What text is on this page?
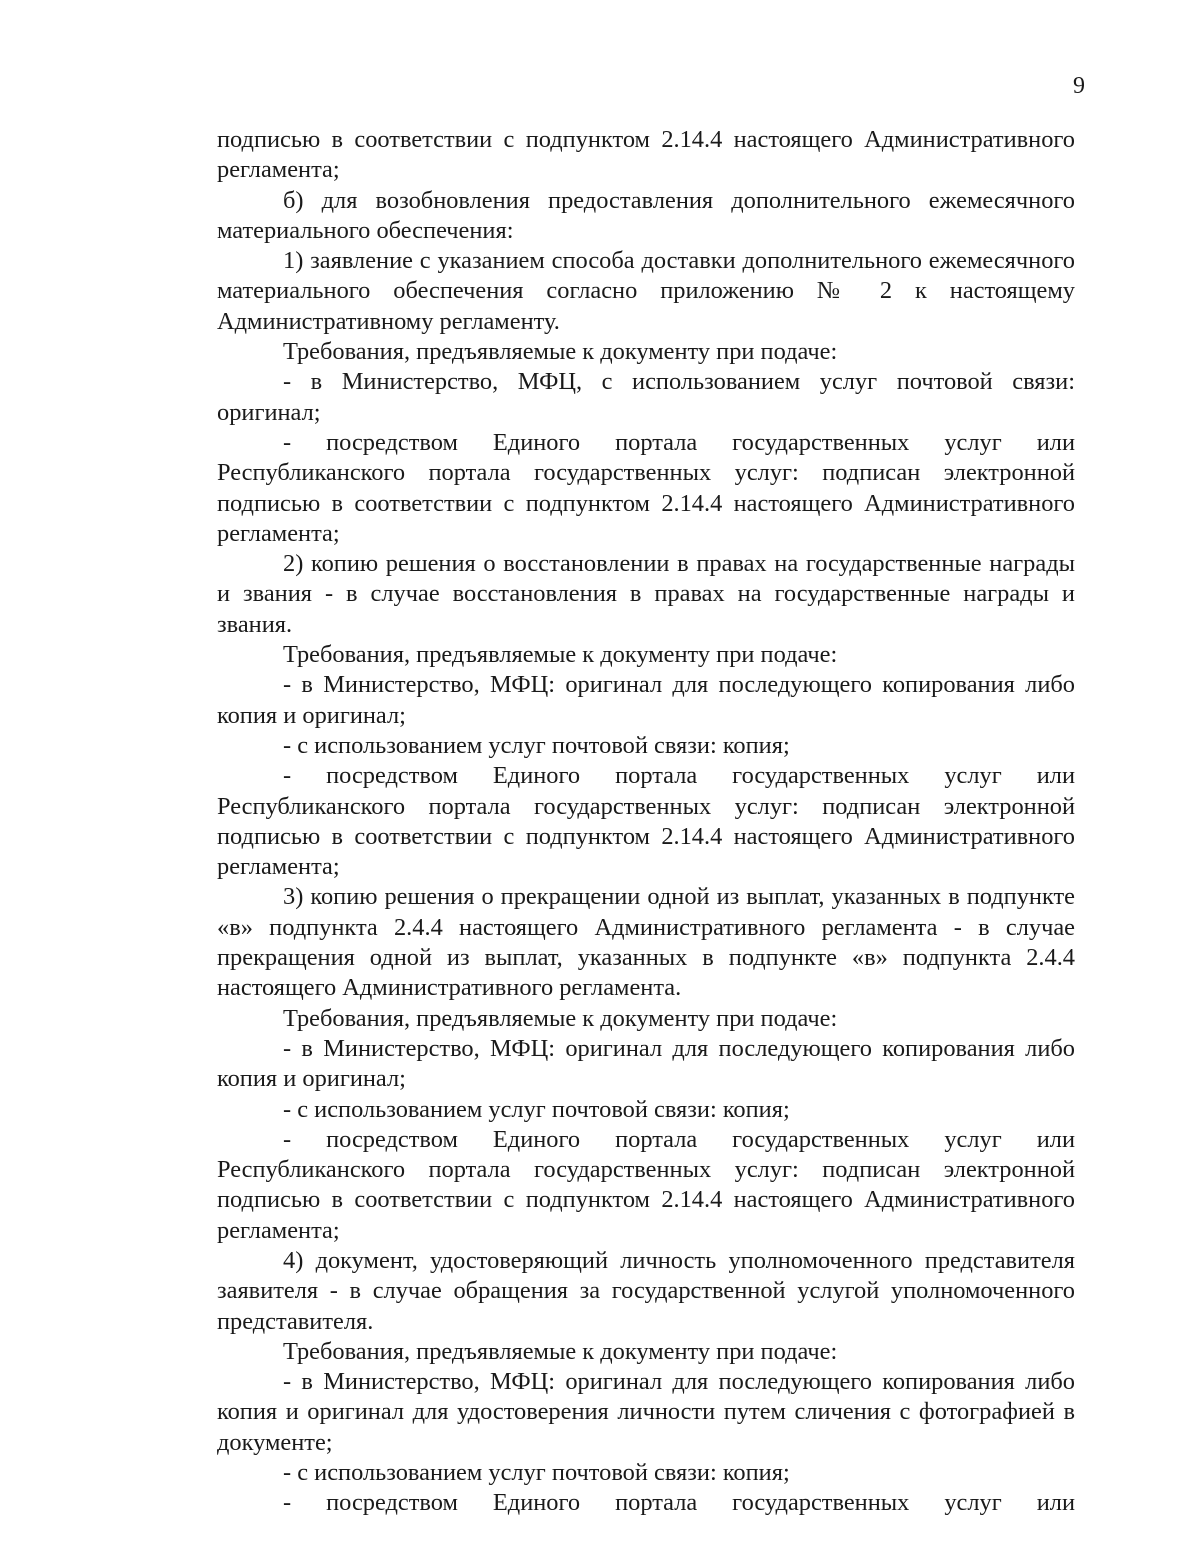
9

подписью в соответствии с подпунктом 2.14.4 настоящего Административного регламента;

б) для возобновления предоставления дополнительного ежемесячного материального обеспечения:

1) заявление с указанием способа доставки дополнительного ежемесячного материального обеспечения согласно приложению № 2 к настоящему Административному регламенту.

Требования, предъявляемые к документу при подаче:

- в Министерство, МФЦ, с использованием услуг почтовой связи: оригинал;

- посредством Единого портала государственных услуг или Республиканского портала государственных услуг: подписан электронной подписью в соответствии с подпунктом 2.14.4 настоящего Административного регламента;

2) копию решения о восстановлении в правах на государственные награды и звания - в случае восстановления в правах на государственные награды и звания.

Требования, предъявляемые к документу при подаче:

- в Министерство, МФЦ: оригинал для последующего копирования либо копия и оригинал;

- с использованием услуг почтовой связи: копия;

- посредством Единого портала государственных услуг или Республиканского портала государственных услуг: подписан электронной подписью в соответствии с подпунктом 2.14.4 настоящего Административного регламента;

3) копию решения о прекращении одной из выплат, указанных в подпункте «в» подпункта 2.4.4 настоящего Административного регламента - в случае прекращения одной из выплат, указанных в подпункте «в» подпункта 2.4.4 настоящего Административного регламента.

Требования, предъявляемые к документу при подаче:

- в Министерство, МФЦ: оригинал для последующего копирования либо копия и оригинал;

- с использованием услуг почтовой связи: копия;

- посредством Единого портала государственных услуг или Республиканского портала государственных услуг: подписан электронной подписью в соответствии с подпунктом 2.14.4 настоящего Административного регламента;

4) документ, удостоверяющий личность уполномоченного представителя заявителя - в случае обращения за государственной услугой уполномоченного представителя.

Требования, предъявляемые к документу при подаче:

- в Министерство, МФЦ: оригинал для последующего копирования либо копия и оригинал для удостоверения личности путем сличения с фотографией в документе;

- с использованием услуг почтовой связи: копия;

- посредством Единого портала государственных услуг или
